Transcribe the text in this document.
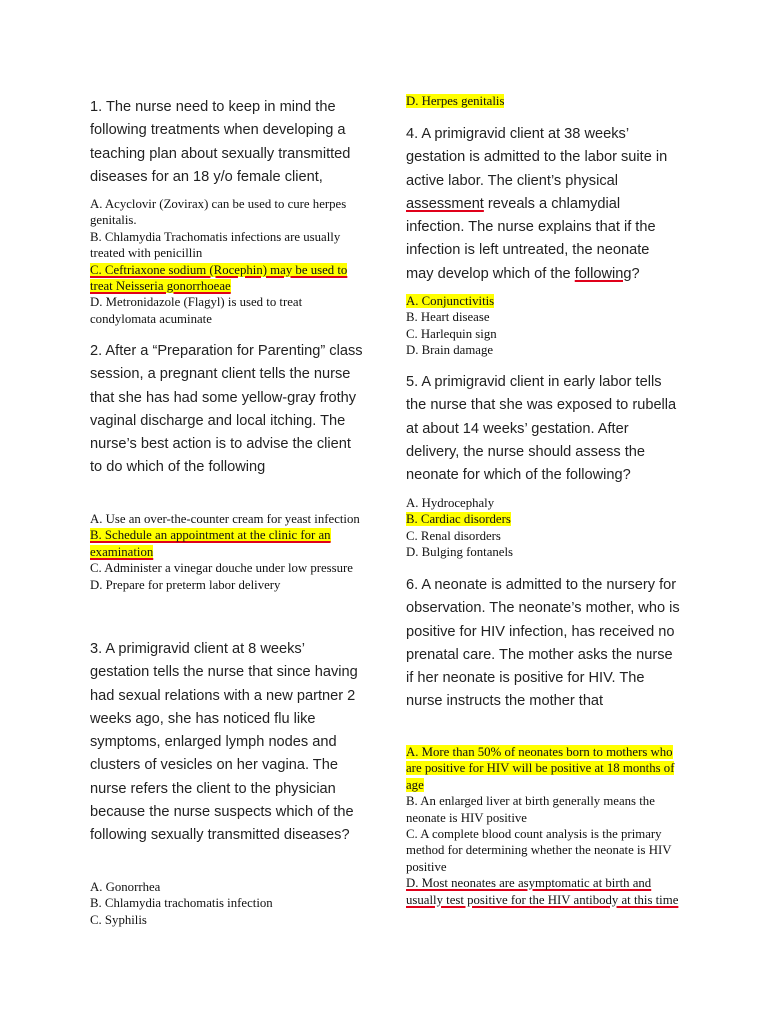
1. The nurse need to keep in mind the following treatments when developing a teaching plan about sexually transmitted diseases for an 18 y/o female client,

A. Acyclovir (Zovirax) can be used to cure herpes genitalis.

B. Chlamydia Trachomatis infections are usually treated with penicillin

C. Ceftriaxone sodium (Rocephin) may be used to treat Neisseria gonorrhoeae

D. Metronidazole (Flagyl) is used to treat condylomata acuminate

2. After a “Preparation for Parenting” class session, a pregnant client tells the nurse that she has had some yellow-gray frothy vaginal discharge and local itching. The nurse’s best action is to advise the client to do which of the following

A. Use an over-the-counter cream for yeast infection

B. Schedule an appointment at the clinic for an examination

C. Administer a vinegar douche under low pressure

D. Prepare for preterm labor delivery

3. A primigravid client at 8 weeks’ gestation tells the nurse that since having had sexual relations with a new partner 2 weeks ago, she has noticed flu like symptoms, enlarged lymph nodes and clusters of vesicles on her vagina. The nurse refers the client to the physician because the nurse suspects which of the following sexually transmitted diseases?

A. Gonorrhea

B. Chlamydia trachomatis infection

C. Syphilis

D. Herpes genitalis

4. A primigravid client at 38 weeks’ gestation is admitted to the labor suite in active labor. The client’s physical assessment reveals a chlamydial infection. The nurse explains that if the infection is left untreated, the neonate may develop which of the following?

A. Conjunctivitis

B. Heart disease

C. Harlequin sign

D. Brain damage

5. A primigravid client in early labor tells the nurse that she was exposed to rubella at about 14 weeks’ gestation. After delivery, the nurse should assess the neonate for which of the following?

A. Hydrocephaly

B. Cardiac disorders

C. Renal disorders

D. Bulging fontanels

6. A neonate is admitted to the nursery for observation. The neonate’s mother, who is positive for HIV infection, has received no prenatal care. The mother asks the nurse if her neonate is positive for HIV. The nurse instructs the mother that

A. More than 50% of neonates born to mothers who are positive for HIV will be positive at 18 months of age

B. An enlarged liver at birth generally means the neonate is HIV positive

C. A complete blood count analysis is the primary method for determining whether the neonate is HIV positive

D. Most neonates are asymptomatic at birth and usually test positive for the HIV antibody at this time
